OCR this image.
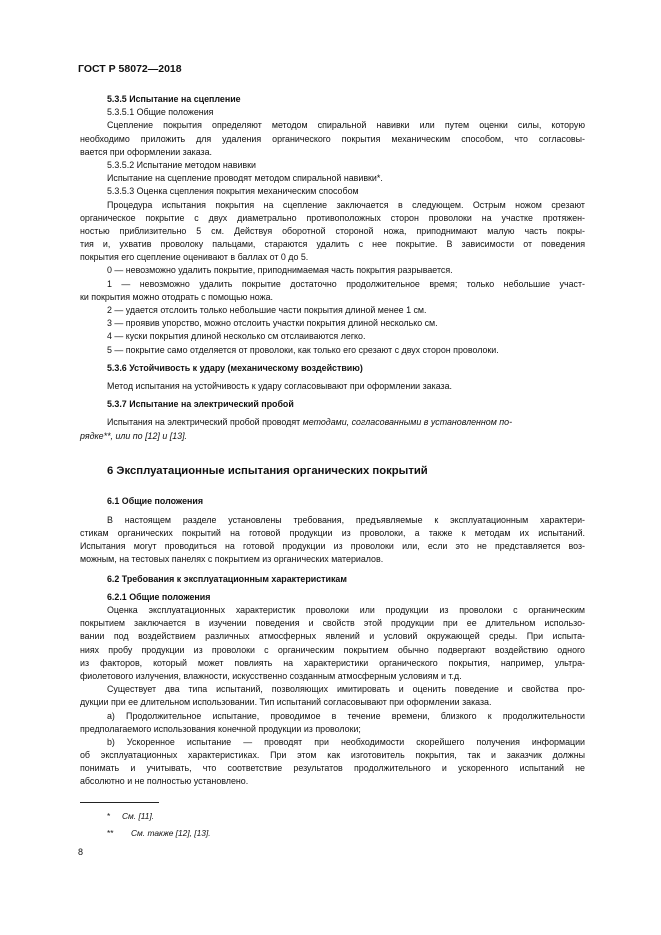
ГОСТ Р 58072—2018
5.3.5 Испытание на сцепление
5.3.5.1 Общие положения
Сцепление покрытия определяют методом спиральной навивки или путем оценки силы, которую
необходимо приложить для удаления органического покрытия механическим способом, что согласовы-
вается при оформлении заказа.
5.3.5.2 Испытание методом навивки
Испытание на сцепление проводят методом спиральной навивки*.
5.3.5.3 Оценка сцепления покрытия механическим способом
Процедура испытания покрытия на сцепление заключается в следующем. Острым ножом срезают
органическое покрытие с двух диаметрально противоположных сторон проволоки на участке протяжен-
ностью приблизительно 5 см. Действуя оборотной стороной ножа, приподнимают малую часть покры-
тия и, ухватив проволоку пальцами, стараются удалить с нее покрытие. В зависимости от поведения
покрытия его сцепление оценивают в баллах от 0 до 5.
0 — невозможно удалить покрытие, приподнимаемая часть покрытия разрывается.
1 — невозможно удалить покрытие достаточно продолжительное время; только небольшие участ-
ки покрытия можно отодрать с помощью ножа.
2 — удается отслоить только небольшие части покрытия длиной менее 1 см.
3 — проявив упорство, можно отслоить участки покрытия длиной несколько см.
4 — куски покрытия длиной несколько см отслаиваются легко.
5 — покрытие само отделяется от проволоки, как только его срезают с двух сторон проволоки.
5.3.6 Устойчивость к удару (механическому воздействию)
Метод испытания на устойчивость к удару согласовывают при оформлении заказа.
5.3.7 Испытание на электрический пробой
Испытания на электрический пробой проводят методами, согласованными в установленном по-
рядке**, или по [12] и [13].
6 Эксплуатационные испытания органических покрытий
6.1 Общие положения
В настоящем разделе установлены требования, предъявляемые к эксплуатационным характери-
стикам органических покрытий на готовой продукции из проволоки, а также к методам их испытаний.
Испытания могут проводиться на готовой продукции из проволоки или, если это не представляется воз-
можным, на тестовых панелях с покрытием из органических материалов.
6.2 Требования к эксплуатационным характеристикам
6.2.1 Общие положения
Оценка эксплуатационных характеристик проволоки или продукции из проволоки с органическим
покрытием заключается в изучении поведения и свойств этой продукции при ее длительном использо-
вании под воздействием различных атмосферных явлений и условий окружающей среды. При испыта-
ниях пробу продукции из проволоки с органическим покрытием обычно подвергают воздействию одного
из факторов, который может повлиять на характеристики органического покрытия, например, ультра-
фиолетового излучения, влажности, искусственно созданным атмосферным условиям и т.д.
Существует два типа испытаний, позволяющих имитировать и оценить поведение и свойства про-
дукции при ее длительном использовании. Тип испытаний согласовывают при оформлении заказа.
а) Продолжительное испытание, проводимое в течение времени, близкого к продолжительности
предполагаемого использования конечной продукции из проволоки;
b) Ускоренное испытание — проводят при необходимости скорейшего получения информации
об эксплуатационных характеристиках. При этом как изготовитель покрытия, так и заказчик должны
понимать и учитывать, что соответствие результатов продолжительного и ускоренного испытаний не
абсолютно и не полностью установлено.
* См. [11].
** См. также [12], [13].
8
